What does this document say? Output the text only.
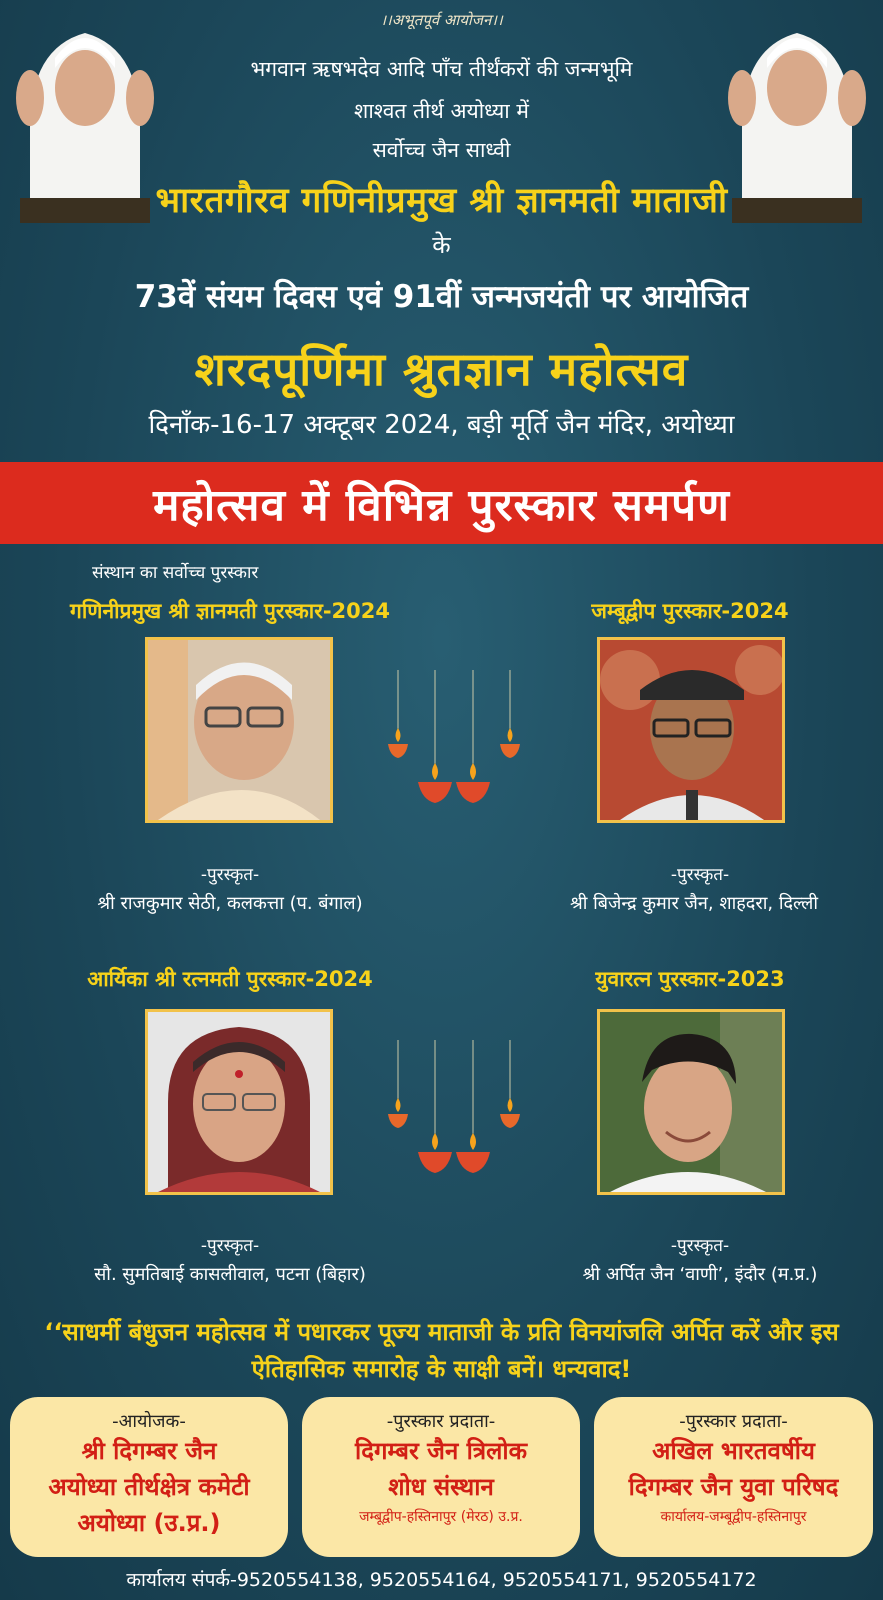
।।अभूतपूर्व आयोजन।।
भगवान ऋषभदेव आदि पाँच तीर्थंकरों की जन्मभूमि
शाश्वत तीर्थ अयोध्या में
सर्वोच्च जैन साध्वी
भारतगौरव गणिनीप्रमुख श्री ज्ञानमती माताजी
के
73वें संयम दिवस एवं 91वीं जन्मजयंती पर आयोजित
शरदपूर्णिमा श्रुतज्ञान महोत्सव
दिनाँक-16-17 अक्टूबर 2024, बड़ी मूर्ति जैन मंदिर, अयोध्या
महोत्सव में विभिन्न पुरस्कार समर्पण
संस्थान का सर्वोच्च पुरस्कार
गणिनीप्रमुख श्री ज्ञानमती पुरस्कार-2024
-पुरस्कृत-
श्री राजकुमार सेठी, कलकत्ता (प. बंगाल)
जम्बूद्वीप पुरस्कार-2024
-पुरस्कृत-
श्री बिजेन्द्र कुमार जैन, शाहदरा, दिल्ली
आर्यिका श्री रत्नमती पुरस्कार-2024
-पुरस्कृत-
सौ. सुमतिबाई कासलीवाल, पटना (बिहार)
युवारत्न पुरस्कार-2023
-पुरस्कृत-
श्री अर्पित जैन ‘वाणी’, इंदौर (म.प्र.)
‘‘साधर्मी बंधुजन महोत्सव में पधारकर पूज्य माताजी के प्रति विनयांजलि अर्पित करें और इस ऐतिहासिक समारोह के साक्षी बनें। धन्यवाद!
-आयोजक-
श्री दिगम्बर जैन
अयोध्या तीर्थक्षेत्र कमेटी
अयोध्या (उ.प्र.)
-पुरस्कार प्रदाता-
दिगम्बर जैन त्रिलोक
शोध संस्थान
जम्बूद्वीप-हस्तिनापुर (मेरठ) उ.प्र.
-पुरस्कार प्रदाता-
अखिल भारतवर्षीय
दिगम्बर जैन युवा परिषद
कार्यालय-जम्बूद्वीप-हस्तिनापुर
कार्यालय संपर्क-9520554138, 9520554164, 9520554171, 9520554172
